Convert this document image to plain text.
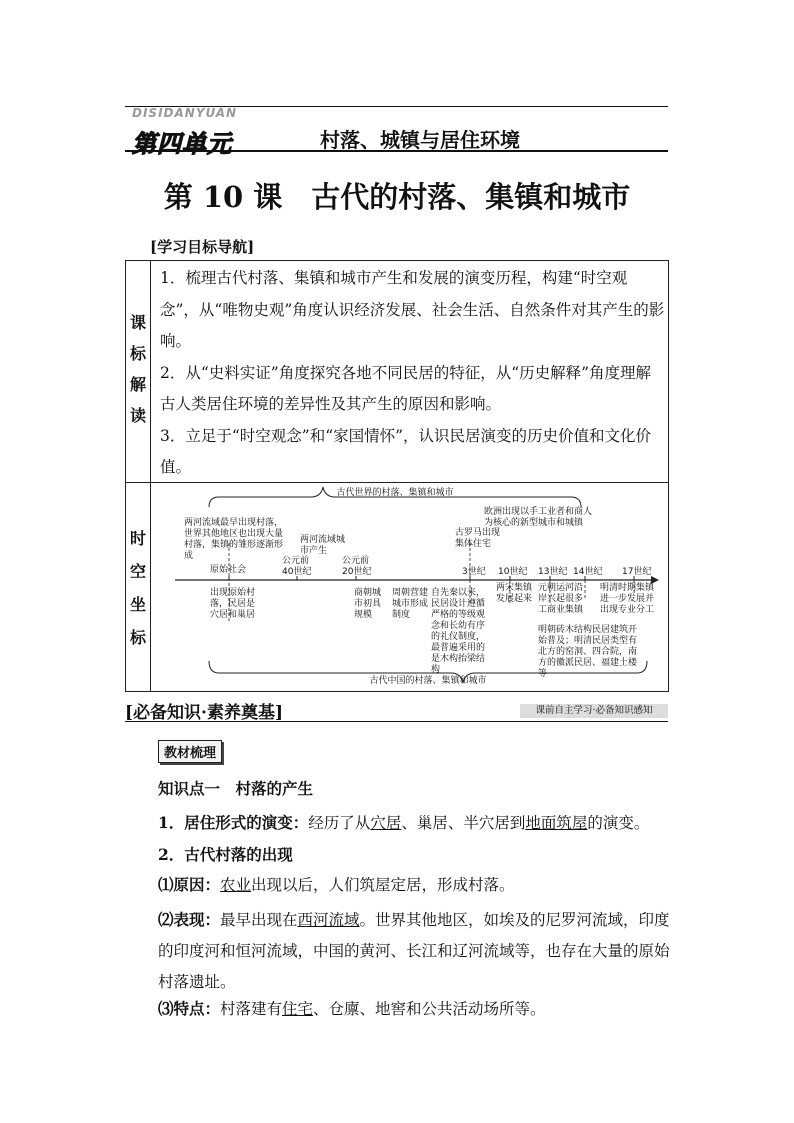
DISIDANYUAN
第四单元	村落、城镇与居住环境
第 10 课　古代的村落、集镇和城市
[学习目标导航]
课
标
解
读
1．梳理古代村落、集镇和城市产生和发展的演变历程，构建“时空观念”，从“唯物史观”角度认识经济发展、社会生活、自然条件对其产生的影响。
2．从“史料实证”角度探究各地不同民居的特征，从“历史解释”角度理解古人类居住环境的差异性及其产生的原因和影响。
3．立足于“时空观念”和“家国情怀”，认识民居演变的历史价值和文化价值。
时
空
坐
标
古代世界的村落、集镇和城市
古代中国的村落、集镇和城市
两河流域最早出现村落，世界其他地区也出现大量村落，集镇的雏形逐渐形成
两河流域城市产生
古罗马出现集体住宅
欧洲出现以手工业者和商人为核心的新型城市和城镇
原始社会
公元前40世纪
公元前20世纪	3世纪 10世纪 13世纪 14世纪 17世纪
出现原始村落，民居是穴居和巢居
商朝城市初具规模
周朝营建城市形成制度
自先秦以来，民居设计遵循严格的等级观念和长幼有序的礼仪制度，最普遍采用的是木构抬梁结构
两宋集镇发展起来
元朝运河沿岸兴起很多工商业集镇
明朝砖木结构民居建筑开始普及；明清民居类型有北方的窑洞、四合院，南方的徽派民居、福建土楼等
明清时期集镇进一步发展并出现专业分工
[必备知识·素养奠基]	课前自主学习·必备知识感知
教材梳理
知识点一　村落的产生
1．居住形式的演变：经历了从穴居、巢居、半穴居到地面筑屋的演变。
2．古代村落的出现
⑴原因：农业出现以后，人们筑屋定居，形成村落。
⑵表现：最早出现在西河流域。世界其他地区，如埃及的尼罗河流域，印度的印度河和恒河流域，中国的黄河、长江和辽河流域等，也存在大量的原始村落遗址。
⑶特点：村落建有住宅、仓廪、地窖和公共活动场所等。
